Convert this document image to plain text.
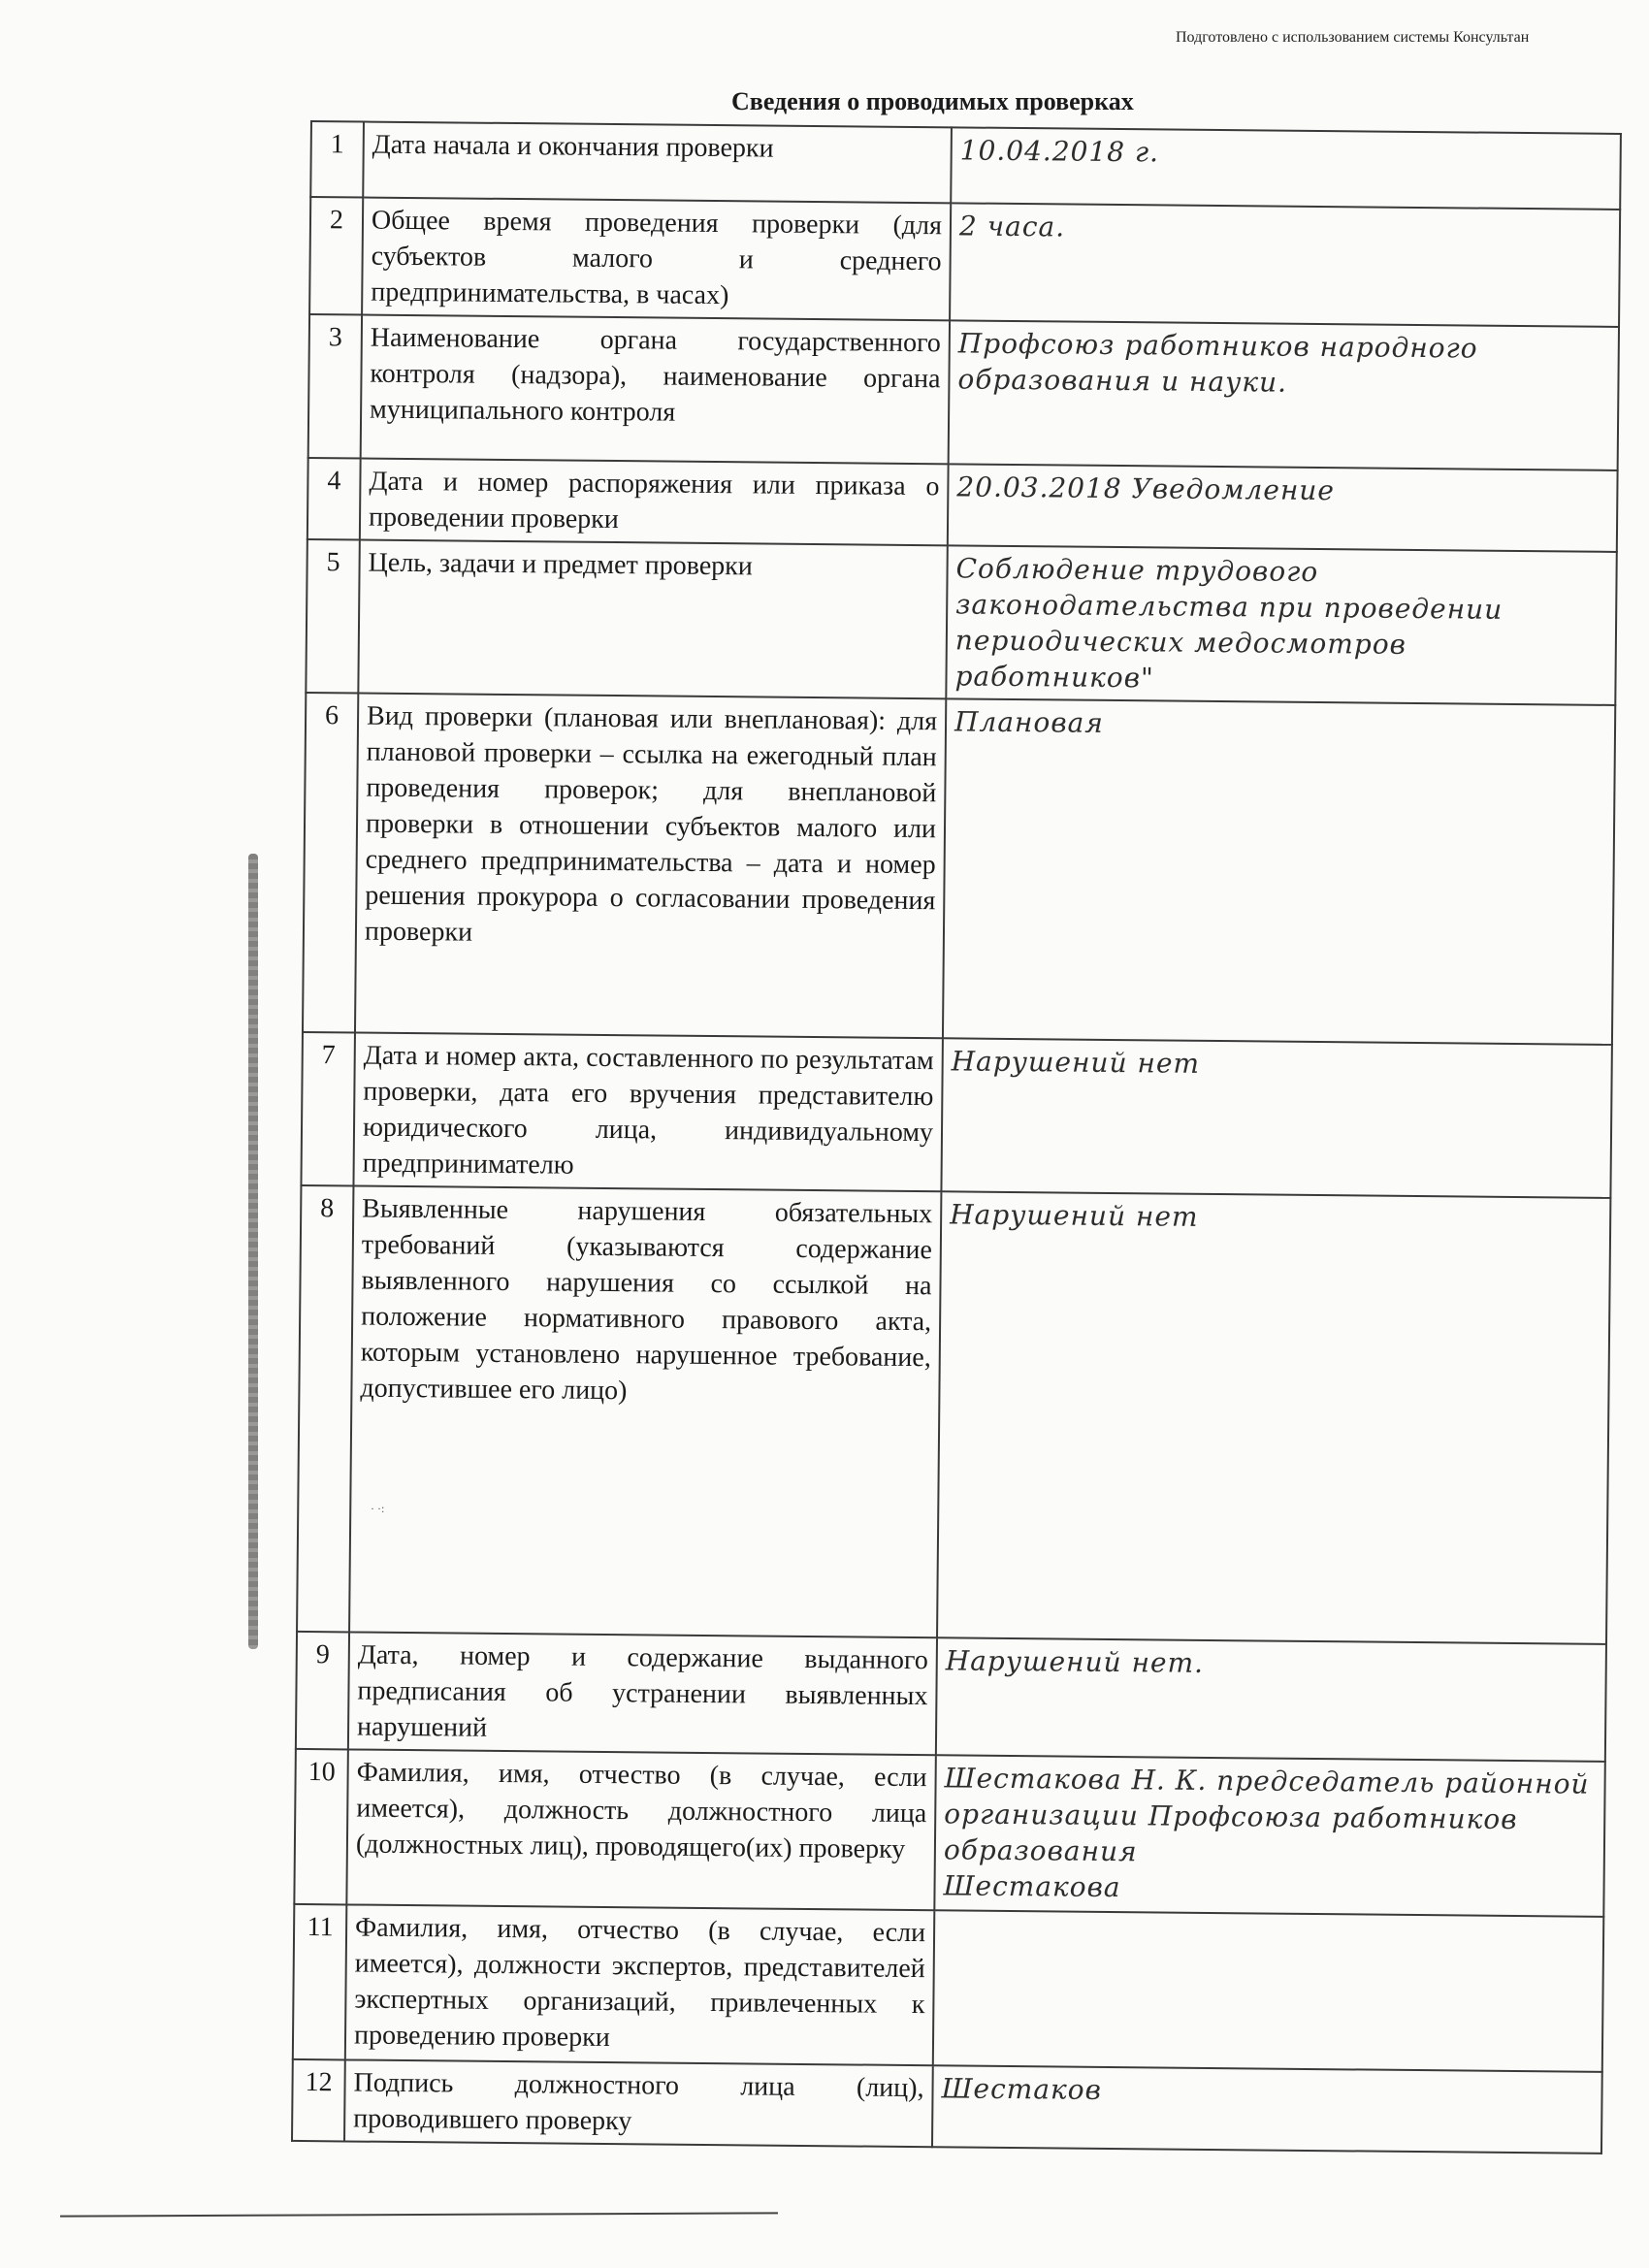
Подготовлено с использованием системы Консультан
Сведения о проводимых проверках
· ·:
1	Дата начала и окончания проверки	10.04.2018 г.
2	Общее время проведения проверки (для субъектов малого и среднего предпринимательства, в часах)	2 часа.
3	Наименование органа государственного контроля (надзора), наименование органа муниципального контроля	Профсоюз работников народного образования и науки.
4	Дата и номер распоряжения или приказа о проведении проверки	20.03.2018 Уведомление
5	Цель, задачи и предмет проверки	Соблюдение трудового законодательства при проведении периодических медосмотров работников"
6	Вид проверки (плановая или внеплановая): для плановой проверки – ссылка на ежегодный план проведения проверок; для внеплановой проверки в отношении субъектов малого или среднего предпринимательства – дата и номер решения прокурора о согласовании проведения проверки	Плановая
7	Дата и номер акта, составленного по результатам проверки, дата его вручения представителю юридического лица, индивидуальному предпринимателю	Нарушений нет
8	Выявленные нарушения обязательных требований (указываются содержание выявленного нарушения со ссылкой на положение нормативного правового акта, которым установлено нарушенное требование, допустившее его лицо)	Нарушений нет
9	Дата, номер и содержание выданного предписания об устранении выявленных нарушений	Нарушений нет.
10	Фамилия, имя, отчество (в случае, если имеется), должность должностного лица (должностных лиц), проводящего(их) проверку	Шестакова Н. К. председатель районной организации Профсоюза работников образования
Шестакова
11	Фамилия, имя, отчество (в случае, если имеется), должности экспертов, представителей экспертных организаций, привлеченных к проведению проверки	
12	Подпись должностного лица (лиц), проводившего проверку	Шестаков
